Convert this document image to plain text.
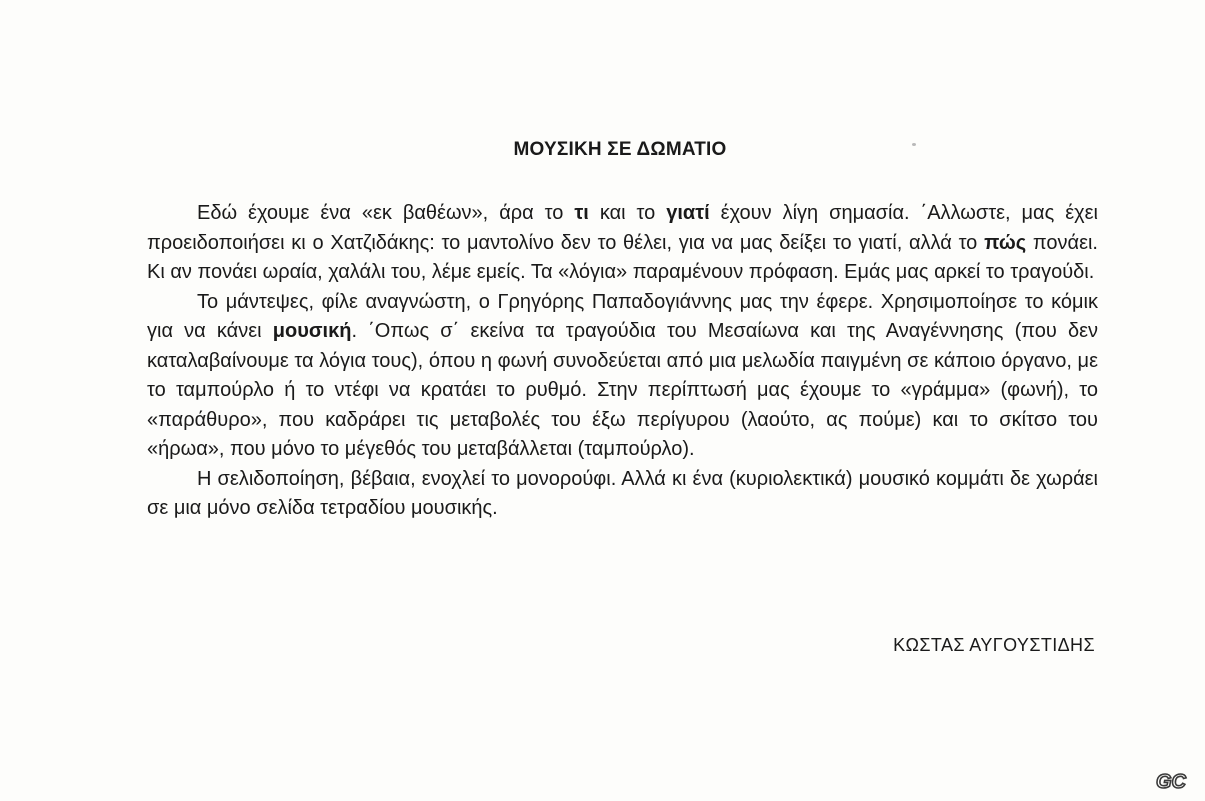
ΜΟΥΣΙΚΗ ΣΕ ΔΩΜΑΤΙΟ

Εδώ έχουμε ένα «εκ βαθέων», άρα το τι και το γιατί έχουν λίγη σημασία. ΄Αλλωστε, μας έχει προειδοποιήσει κι ο Χατζιδάκης: το μαντολίνο δεν το θέλει, για να μας δείξει το γιατί, αλλά το πώς πονάει. Κι αν πονάει ωραία, χαλάλι του, λέμε εμείς. Τα «λόγια» παραμένουν πρόφαση. Εμάς μας αρκεί το τραγούδι.

Το μάντεψες, φίλε αναγνώστη, ο Γρηγόρης Παπαδογιάννης μας την έφερε. Χρησιμοποίησε το κόμικ για να κάνει μουσική. ΄Οπως σ΄ εκείνα τα τραγούδια του Μεσαίωνα και της Αναγέννησης (που δεν καταλαβαίνουμε τα λόγια τους), όπου η φωνή συνοδεύεται από μια μελωδία παιγμένη σε κάποιο όργανο, με το ταμπούρλο ή το ντέφι να κρατάει το ρυθμό. Στην περίπτωσή μας έχουμε το «γράμμα» (φωνή), το «παράθυρο», που καδράρει τις μεταβολές του έξω περίγυρου (λαούτο, ας πούμε) και το σκίτσο του «ήρωα», που μόνο το μέγεθός του μεταβάλλεται (ταμπούρλο).

Η σελιδοποίηση, βέβαια, ενοχλεί το μονορούφι. Αλλά κι ένα (κυριολεκτικά) μουσικό κομμάτι δε χωράει σε μια μόνο σελίδα τετραδίου μουσικής.

ΚΩΣΤΑΣ ΑΥΓΟΥΣΤΙΔΗΣ
GC
